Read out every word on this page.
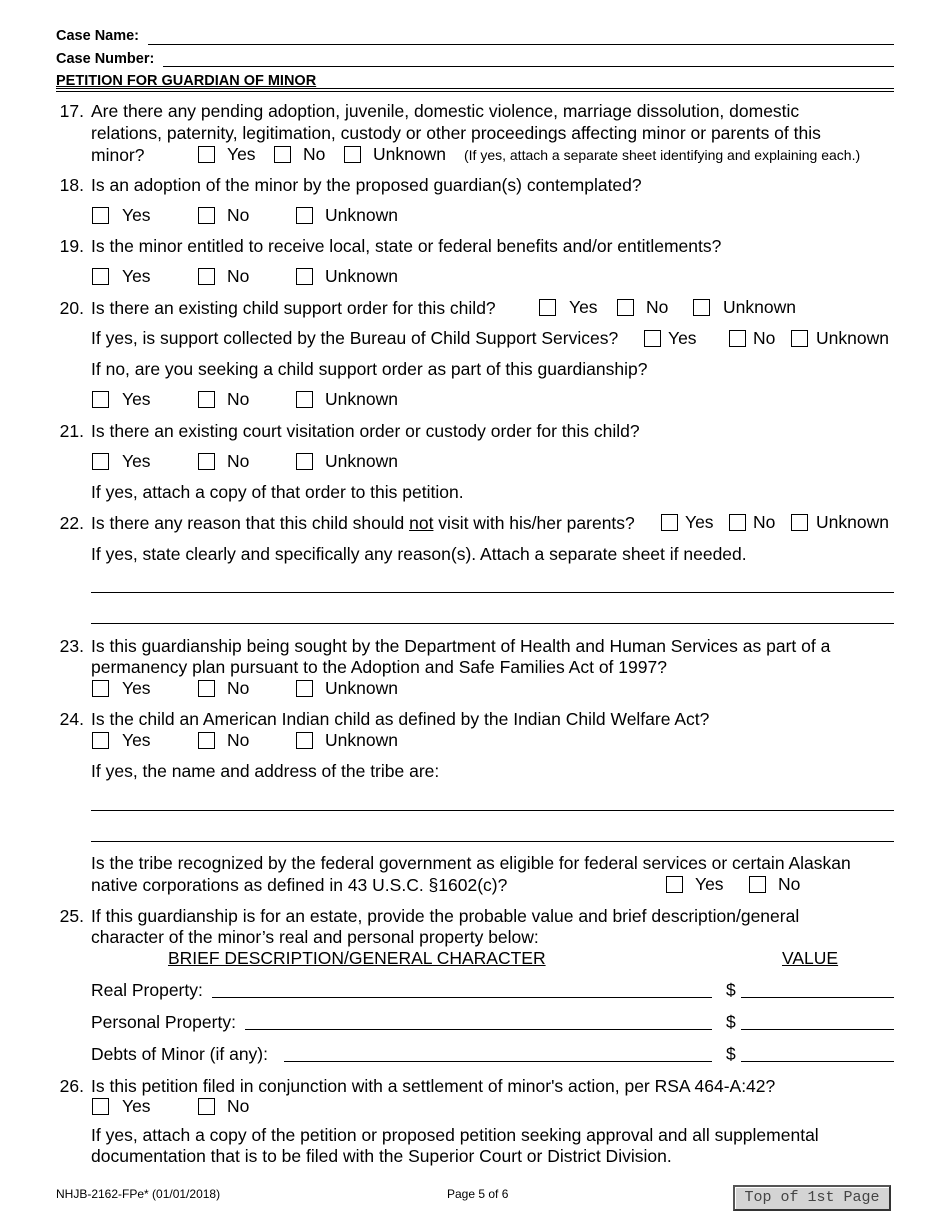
Case Name:
Case Number:
PETITION FOR GUARDIAN OF MINOR
17. Are there any pending adoption, juvenile, domestic violence, marriage dissolution, domestic
relations, paternity, legitimation, custody or other proceedings affecting minor or parents of this
minor?	Yes	No	Unknown (If yes, attach a separate sheet identifying and explaining each.)
18. Is an adoption of the minor by the proposed guardian(s) contemplated?
Yes	No	Unknown
19. Is the minor entitled to receive local, state or federal benefits and/or entitlements?
Yes	No	Unknown
20. Is there an existing child support order for this child?	Yes	No	Unknown
If yes, is support collected by the Bureau of Child Support Services?	Yes	No Unknown
If no, are you seeking a child support order as part of this guardianship?
Yes	No	Unknown
21. Is there an existing court visitation order or custody order for this child?
Yes	No	Unknown
If yes, attach a copy of that order to this petition.
22. Is there any reason that this child should not visit with his/her parents?	Yes No Unknown
If yes, state clearly and specifically any reason(s). Attach a separate sheet if needed.
23. Is this guardianship being sought by the Department of Health and Human Services as part of a
permanency plan pursuant to the Adoption and Safe Families Act of 1997?
Yes	No	Unknown
24. Is the child an American Indian child as defined by the Indian Child Welfare Act?
Yes	No	Unknown
If yes, the name and address of the tribe are:
Is the tribe recognized by the federal government as eligible for federal services or certain Alaskan
native corporations as defined in 43 U.S.C. §1602(c)?	Yes	No
25. If this guardianship is for an estate, provide the probable value and brief description/general
character of the minor’s real and personal property below:
BRIEF DESCRIPTION/GENERAL CHARACTER	VALUE
Real Property:	$
Personal Property:	$
Debts of Minor (if any):	$
26. Is this petition filed in conjunction with a settlement of minor's action, per RSA 464-A:42?
Yes	No
If yes, attach a copy of the petition or proposed petition seeking approval and all supplemental
documentation that is to be filed with the Superior Court or District Division.
NHJB-2162-FPe* (01/01/2018)	Page 5 of 6	Top of 1st Page
